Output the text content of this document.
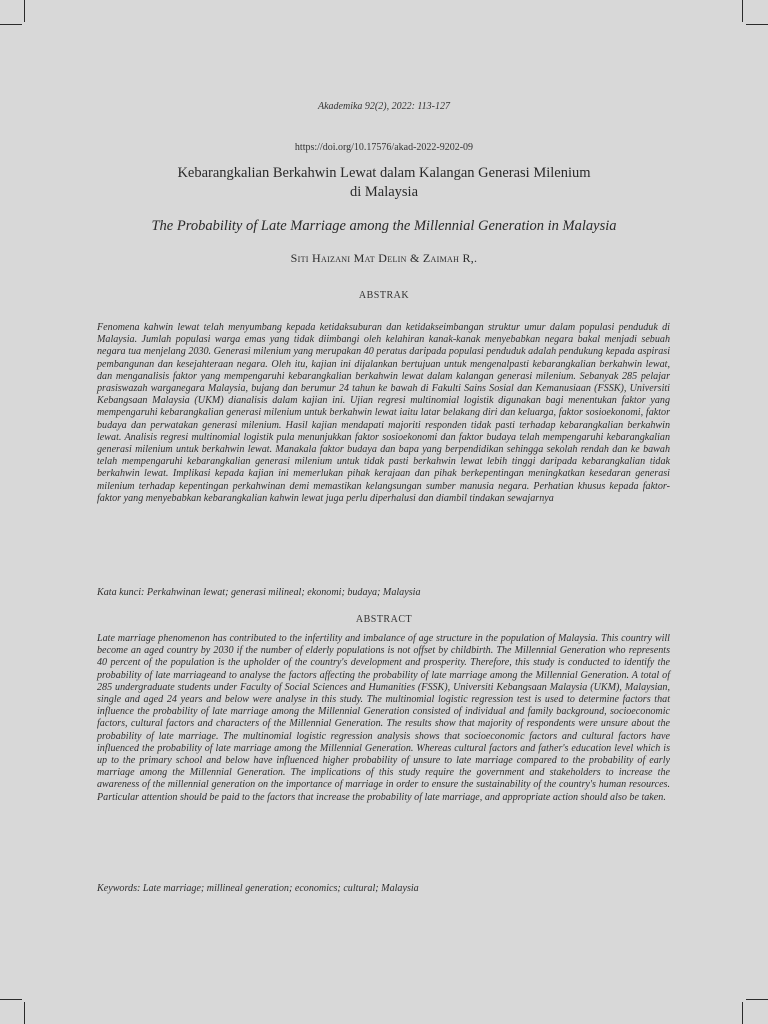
Akademika 92(2), 2022: 113-127
https://doi.org/10.17576/akad-2022-9202-09
Kebarangkalian Berkahwin Lewat dalam Kalangan Generasi Milenium
di Malaysia
The Probability of Late Marriage among the Millennial Generation in Malaysia
Siti Haizani Mat Delin & Zaimah R,.
ABSTRAK
Fenomena kahwin lewat telah menyumbang kepada ketidaksuburan dan ketidakseimbangan struktur umur dalam populasi penduduk di Malaysia. Jumlah populasi warga emas yang tidak diimbangi oleh kelahiran kanak-kanak menyebabkan negara bakal menjadi sebuah negara tua menjelang 2030. Generasi milenium yang merupakan 40 peratus daripada populasi penduduk adalah pendukung kepada aspirasi pembangunan dan kesejahteraan negara. Oleh itu, kajian ini dijalankan bertujuan untuk mengenalpasti kebarangkalian berkahwin lewat, dan menganalisis faktor yang mempengaruhi kebarangkalian berkahwin lewat dalam kalangan generasi milenium. Sebanyak 285 pelajar prasiswazah warganegara Malaysia, bujang dan berumur 24 tahun ke bawah di Fakulti Sains Sosial dan Kemanusiaan (FSSK), Universiti Kebangsaan Malaysia (UKM) dianalisis dalam kajian ini. Ujian regresi multinomial logistik digunakan bagi menentukan faktor yang mempengaruhi kebarangkalian generasi milenium untuk berkahwin lewat iaitu latar belakang diri dan keluarga, faktor sosioekonomi, faktor budaya dan perwatakan generasi milenium. Hasil kajian mendapati majoriti responden tidak pasti terhadap kebarangkalian berkahwin lewat. Analisis regresi multinomial logistik pula menunjukkan faktor sosioekonomi dan faktor budaya telah mempengaruhi kebarangkalian generasi milenium untuk berkahwin lewat. Manakala faktor budaya dan bapa yang berpendidikan sehingga sekolah rendah dan ke bawah telah mempengaruhi kebarangkalian generasi milenium untuk tidak pasti berkahwin lewat lebih tinggi daripada kebarangkalian tidak berkahwin lewat. Implikasi kepada kajian ini memerlukan pihak kerajaan dan pihak berkepentingan meningkatkan kesedaran generasi milenium terhadap kepentingan perkahwinan demi memastikan kelangsungan sumber manusia negara. Perhatian khusus kepada faktor-faktor yang menyebabkan kebarangkalian kahwin lewat juga perlu diperhalusi dan diambil tindakan sewajarnya
Kata kunci: Perkahwinan lewat; generasi milineal; ekonomi; budaya; Malaysia
ABSTRACT
Late marriage phenomenon has contributed to the infertility and imbalance of age structure in the population of Malaysia. This country will become an aged country by 2030 if the number of elderly populations is not offset by childbirth. The Millennial Generation who represents 40 percent of the population is the upholder of the country's development and prosperity. Therefore, this study is conducted to identify the probability of late marriageand to analyse the factors affecting the probability of late marriage among the Millennial Generation. A total of 285 undergraduate students under Faculty of Social Sciences and Humanities (FSSK), Universiti Kebangsaan Malaysia (UKM), Malaysian, single and aged 24 years and below were analyse in this study. The multinomial logistic regression test is used to determine factors that influence the probability of late marriage among the Millennial Generation consisted of individual and family background, socioeconomic factors, cultural factors and characters of the Millennial Generation. The results show that majority of respondents were unsure about the probability of late marriage. The multinomial logistic regression analysis shows that socioeconomic factors and cultural factors have influenced the probability of late marriage among the Millennial Generation. Whereas cultural factors and father's education level which is up to the primary school and below have influenced higher probability of unsure to late marriage compared to the probability of early marriage among the Millennial Generation. The implications of this study require the government and stakeholders to increase the awareness of the millennial generation on the importance of marriage in order to ensure the sustainability of the country's human resources. Particular attention should be paid to the factors that increase the probability of late marriage, and appropriate action should also be taken.
Keywords: Late marriage; millineal generation; economics; cultural; Malaysia
